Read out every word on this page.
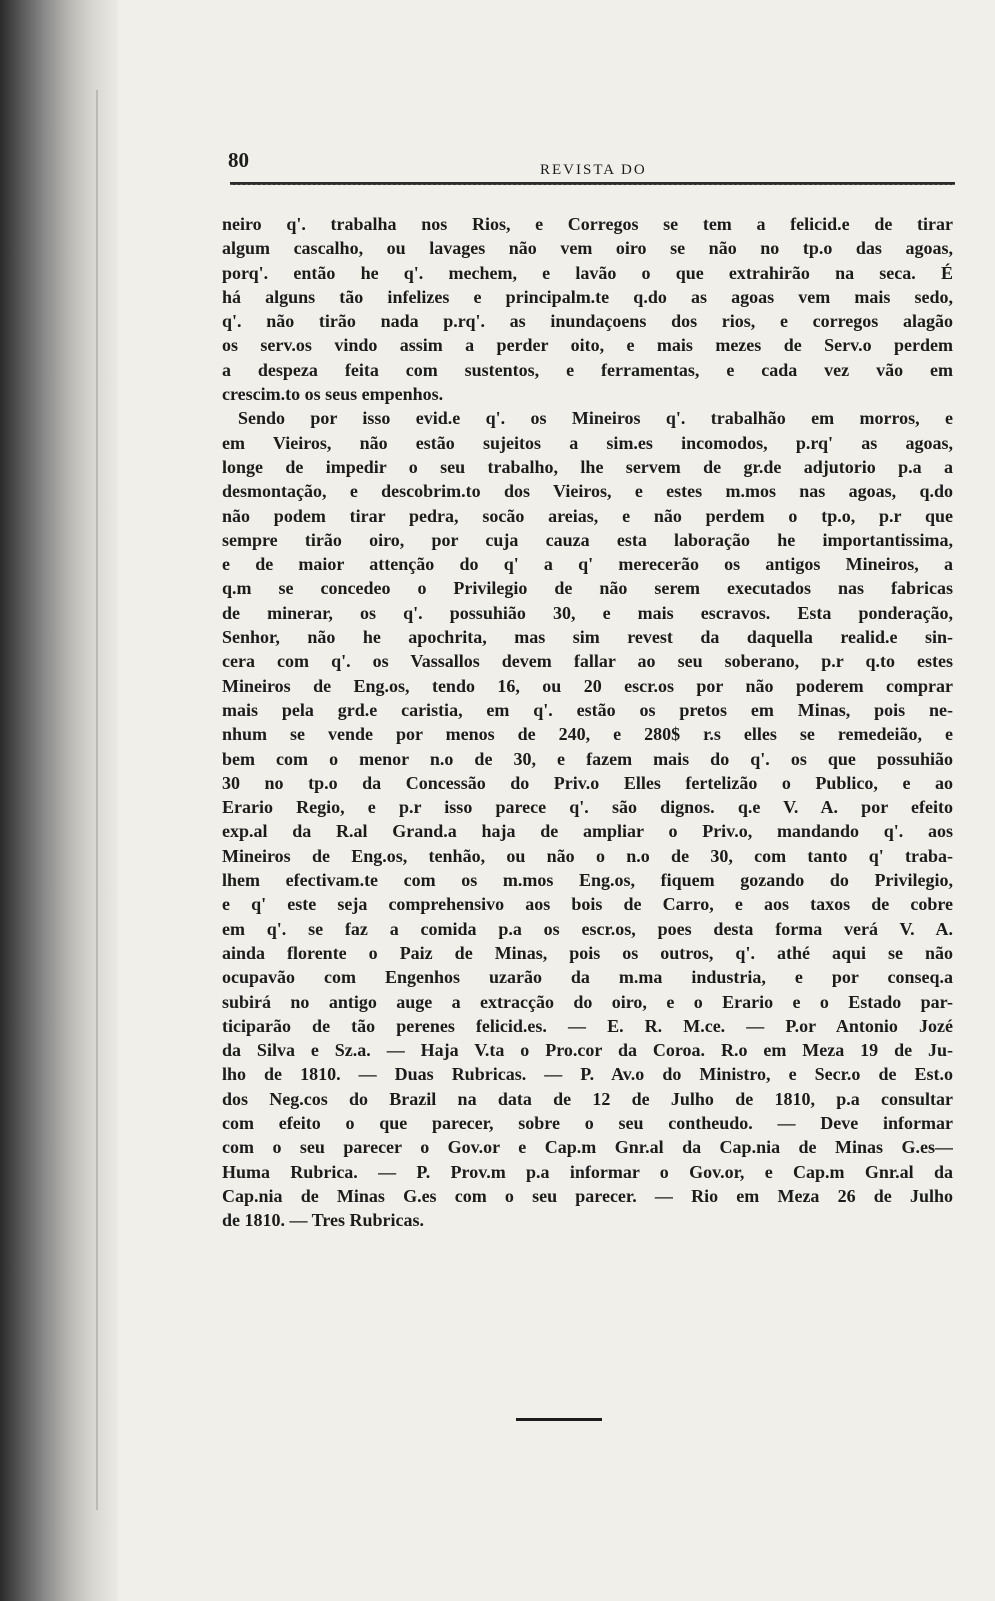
80	REVISTA DO
neiro q'. trabalha nos Rios, e Corregos se tem a felicid.e de tirar
algum cascalho, ou lavages não vem oiro se não no tp.o das agoas,
porq'. então he q'. mechem, e lavão o que extrahirão na seca. É
há alguns tão infelizes e principalm.te q.do as agoas vem mais sedo,
q'. não tirão nada p.rq'. as inundaçoens dos rios, e corregos alagão
os serv.os vindo assim a perder oito, e mais mezes de Serv.o perdem
a despeza feita com sustentos, e ferramentas, e cada vez vão em
crescim.to os seus empenhos.
Sendo por isso evid.e q'. os Mineiros q'. trabalhão em morros, e
em Vieiros, não estão sujeitos a sim.es incomodos, p.rq' as agoas,
longe de impedir o seu trabalho, lhe servem de gr.de adjutorio p.a a
desmontação, e descobrim.to dos Vieiros, e estes m.mos nas agoas, q.do
não podem tirar pedra, socão areias, e não perdem o tp.o, p.r que
sempre tirão oiro, por cuja cauza esta laboração he importantissima,
e de maior attenção do q' a q' merecerão os antigos Mineiros, a
q.m se concedeo o Privilegio de não serem executados nas fabricas
de minerar, os q'. possuhião 30, e mais escravos. Esta ponderação,
Senhor, não he apochrita, mas sim revest da daquella realid.e sin-
cera com q'. os Vassallos devem fallar ao seu soberano, p.r q.to estes
Mineiros de Eng.os, tendo 16, ou 20 escr.os por não poderem comprar
mais pela grd.e caristia, em q'. estão os pretos em Minas, pois ne-
nhum se vende por menos de 240, e 280$ r.s elles se remedeião, e
bem com o menor n.o de 30, e fazem mais do q'. os que possuhião
30 no tp.o da Concessão do Priv.o Elles fertelizão o Publico, e ao
Erario Regio, e p.r isso parece q'. são dignos. q.e V. A. por efeito
exp.al da R.al Grand.a haja de ampliar o Priv.o, mandando q'. aos
Mineiros de Eng.os, tenhão, ou não o n.o de 30, com tanto q' traba-
lhem efectivam.te com os m.mos Eng.os, fiquem gozando do Privilegio,
e q' este seja comprehensivo aos bois de Carro, e aos taxos de cobre
em q'. se faz a comida p.a os escr.os, poes desta forma verá V. A.
ainda florente o Paiz de Minas, pois os outros, q'. athé aqui se não
ocupavão com Engenhos uzarão da m.ma industria, e por conseq.a
subirá no antigo auge a extracção do oiro, e o Erario e o Estado par-
ticiparão de tão perenes felicid.es. — E. R. M.ce. — P.or Antonio Jozé
da Silva e Sz.a. — Haja V.ta o Pro.cor da Coroa. R.o em Meza 19 de Ju-
lho de 1810. — Duas Rubricas. — P. Av.o do Ministro, e Secr.o de Est.o
dos Neg.cos do Brazil na data de 12 de Julho de 1810, p.a consultar
com efeito o que parecer, sobre o seu contheudo. — Deve informar
com o seu parecer o Gov.or e Cap.m Gnr.al da Cap.nia de Minas G.es—
Huma Rubrica. — P. Prov.m p.a informar o Gov.or, e Cap.m Gnr.al da
Cap.nia de Minas G.es com o seu parecer. — Rio em Meza 26 de Julho
de 1810. — Tres Rubricas.
